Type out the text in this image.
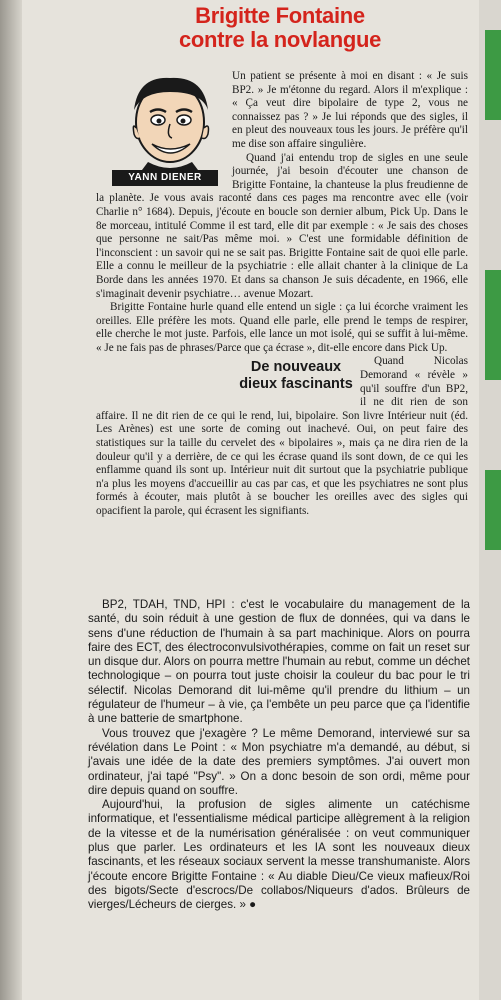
Brigitte Fontaine
contre la novlangue
YANN DIENER

Un patient se présente à moi en disant : « Je suis BP2. » Je m'étonne du regard. Alors il m'explique : « Ça veut dire bipolaire de type 2, vous ne connaissez pas ? » Je lui réponds que des sigles, il en pleut des nouveaux tous les jours. Je préfère qu'il me dise son affaire singulière.

Quand j'ai entendu trop de sigles en une seule journée, j'ai besoin d'écouter une chanson de Brigitte Fontaine, la chanteuse la plus freudienne de la planète. Je vous avais raconté dans ces pages ma rencontre avec elle (voir Charlie n° 1684). Depuis, j'écoute en boucle son dernier album, Pick Up. Dans le 8e morceau, intitulé Comme il est tard, elle dit par exemple : « Je sais des choses que personne ne sait/Pas même moi. » C'est une formidable définition de l'inconscient : un savoir qui ne se sait pas. Brigitte Fontaine sait de quoi elle parle. Elle a connu le meilleur de la psychiatrie : elle allait chanter à la clinique de La Borde dans les années 1970. Et dans sa chanson Je suis décadente, en 1966, elle s'imaginait devenir psychiatre… avenue Mozart.

Brigitte Fontaine hurle quand elle entend un sigle : ça lui écorche vraiment les oreilles. Elle préfère les mots. Quand elle parle, elle prend le temps de respirer, elle cherche le mot juste. Parfois, elle lance un mot isolé, qui se suffit à lui-même. « Je ne fais pas de phrases/Parce que ça écrase », dit-elle encore dans Pick Up.

De nouveaux
dieux fascinants

Quand Nicolas Demorand « révèle » qu'il souffre d'un BP2, il ne dit rien de son affaire. Il ne dit rien de ce qui le rend, lui, bipolaire. Son livre Intérieur nuit (éd. Les Arènes) est une sorte de coming out inachevé. Oui, on peut faire des statistiques sur la taille du cervelet des « bipolaires », mais ça ne dira rien de la douleur qu'il y a derrière, de ce qui les écrase quand ils sont down, de ce qui les enflamme quand ils sont up. Intérieur nuit dit surtout que la psychiatrie publique n'a plus les moyens d'accueillir au cas par cas, et que les psychiatres ne sont plus formés à écouter, mais plutôt à se boucher les oreilles avec des sigles qui opacifient la parole, qui écrasent les signifiants.

BP2, TDAH, TND, HPI : c'est le vocabulaire du management de la santé, du soin réduit à une gestion de flux de données, qui va dans le sens d'une réduction de l'humain à sa part machinique. Alors on pourra faire des ECT, des électroconvulsivothérapies, comme on fait un reset sur un disque dur. Alors on pourra mettre l'humain au rebut, comme un déchet technologique – on pourra tout juste choisir la couleur du bac pour le tri sélectif. Nicolas Demorand dit lui-même qu'il prendre du lithium – un régulateur de l'humeur – à vie, ça l'embête un peu parce que ça l'identifie à une batterie de smartphone.

Vous trouvez que j'exagère ? Le même Demorand, interviewé sur sa révélation dans Le Point : « Mon psychiatre m'a demandé, au début, si j'avais une idée de la date des premiers symptômes. J'ai ouvert mon ordinateur, j'ai tapé "Psy". » On a donc besoin de son ordi, même pour dire depuis quand on souffre.

Aujourd'hui, la profusion de sigles alimente un catéchisme informatique, et l'essentialisme médical participe allègrement à la religion de la vitesse et de la numérisation généralisée : on veut communiquer plus que parler. Les ordinateurs et les IA sont les nouveaux dieux fascinants, et les réseaux sociaux servent la messe transhumaniste. Alors j'écoute encore Brigitte Fontaine : « Au diable Dieu/Ce vieux mafieux/Roi des bigots/Secte d'escrocs/De collabos/Niqueurs d'ados. Brûleurs de vierges/Lécheurs de cierges. » ●
